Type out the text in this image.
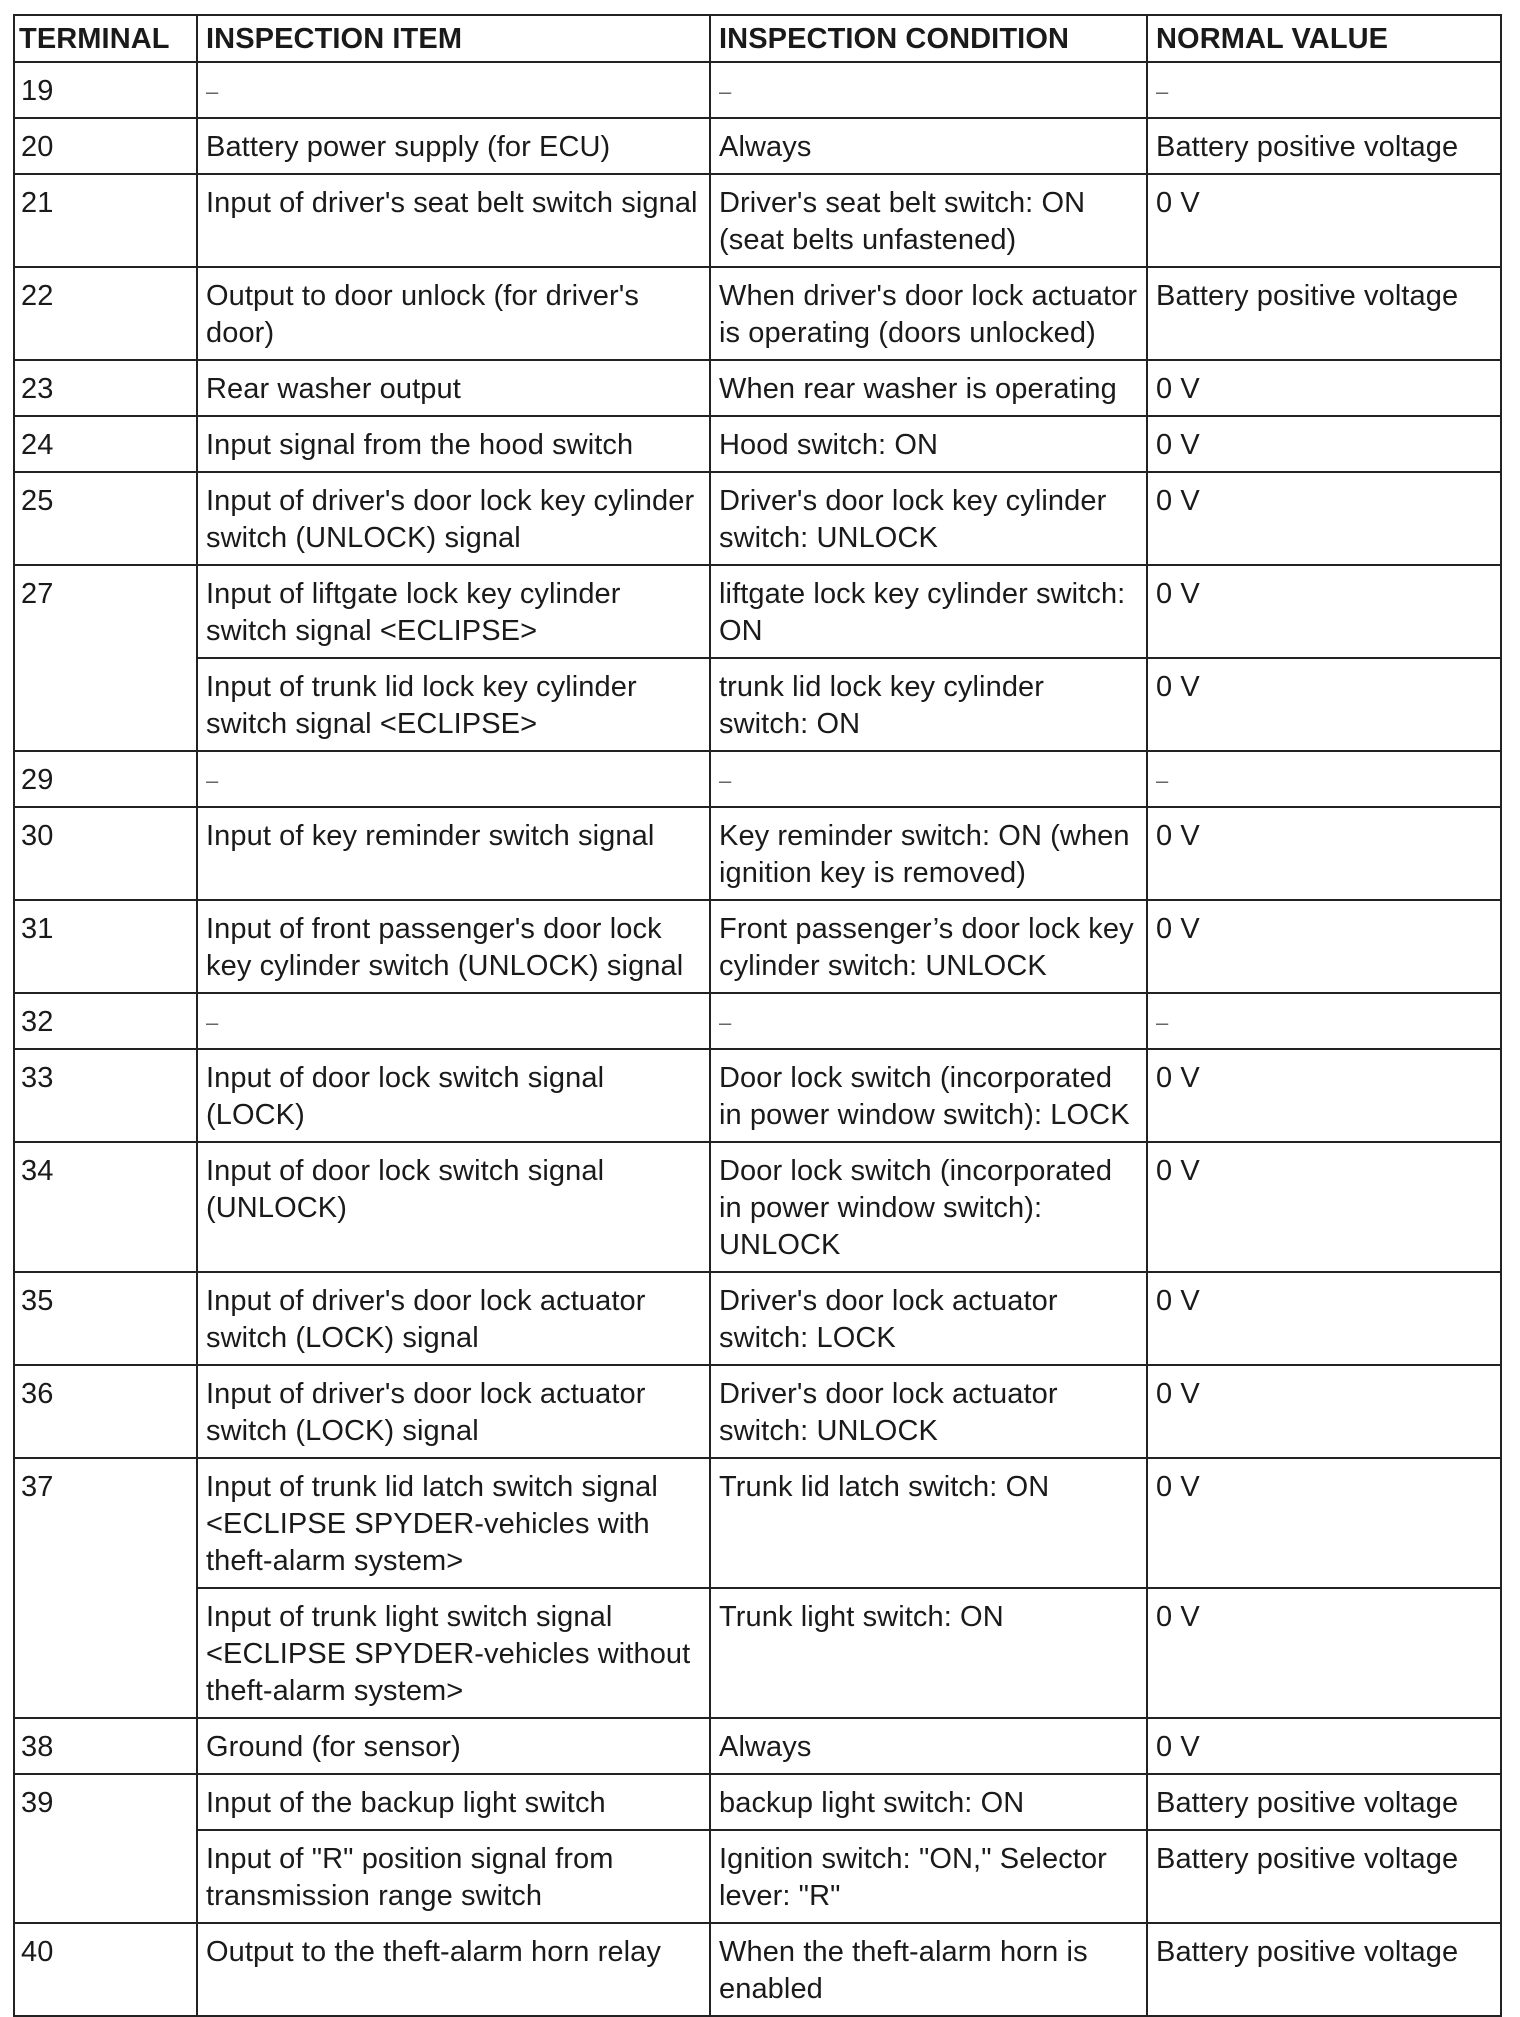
TERMINAL	INSPECTION ITEM	INSPECTION CONDITION	NORMAL VALUE
19	–	–	–
20	Battery power supply (for ECU)	Always	Battery positive voltage
21	Input of driver's seat belt switch signal	Driver's seat belt switch: ON (seat belts unfastened)	0 V
22	Output to door unlock (for driver's door)	When driver's door lock actuator is operating (doors unlocked)	Battery positive voltage
23	Rear washer output	When rear washer is operating	0 V
24	Input signal from the hood switch	Hood switch: ON	0 V
25	Input of driver's door lock key cylinder switch (UNLOCK) signal	Driver's door lock key cylinder switch: UNLOCK	0 V
27	Input of liftgate lock key cylinder switch signal <ECLIPSE>	liftgate lock key cylinder switch: ON	0 V
	Input of trunk lid lock key cylinder switch signal <ECLIPSE>	trunk lid lock key cylinder switch: ON	0 V
29	–	–	–
30	Input of key reminder switch signal	Key reminder switch: ON (when ignition key is removed)	0 V
31	Input of front passenger's door lock key cylinder switch (UNLOCK) signal	Front passenger’s door lock key cylinder switch: UNLOCK	0 V
32	–	–	–
33	Input of door lock switch signal (LOCK)	Door lock switch (incorporated in power window switch): LOCK	0 V
34	Input of door lock switch signal (UNLOCK)	Door lock switch (incorporated in power window switch): UNLOCK	0 V
35	Input of driver's door lock actuator switch (LOCK) signal	Driver's door lock actuator switch: LOCK	0 V
36	Input of driver's door lock actuator switch (LOCK) signal	Driver's door lock actuator switch: UNLOCK	0 V
37	Input of trunk lid latch switch signal <ECLIPSE SPYDER-vehicles with theft-alarm system>	Trunk lid latch switch: ON	0 V
	Input of trunk light switch signal <ECLIPSE SPYDER-vehicles without theft-alarm system>	Trunk light switch: ON	0 V
38	Ground (for sensor)	Always	0 V
39	Input of the backup light switch	backup light switch: ON	Battery positive voltage
	Input of "R" position signal from transmission range switch	Ignition switch: "ON," Selector lever: "R"	Battery positive voltage
40	Output to the theft-alarm horn relay	When the theft-alarm horn is enabled	Battery positive voltage
